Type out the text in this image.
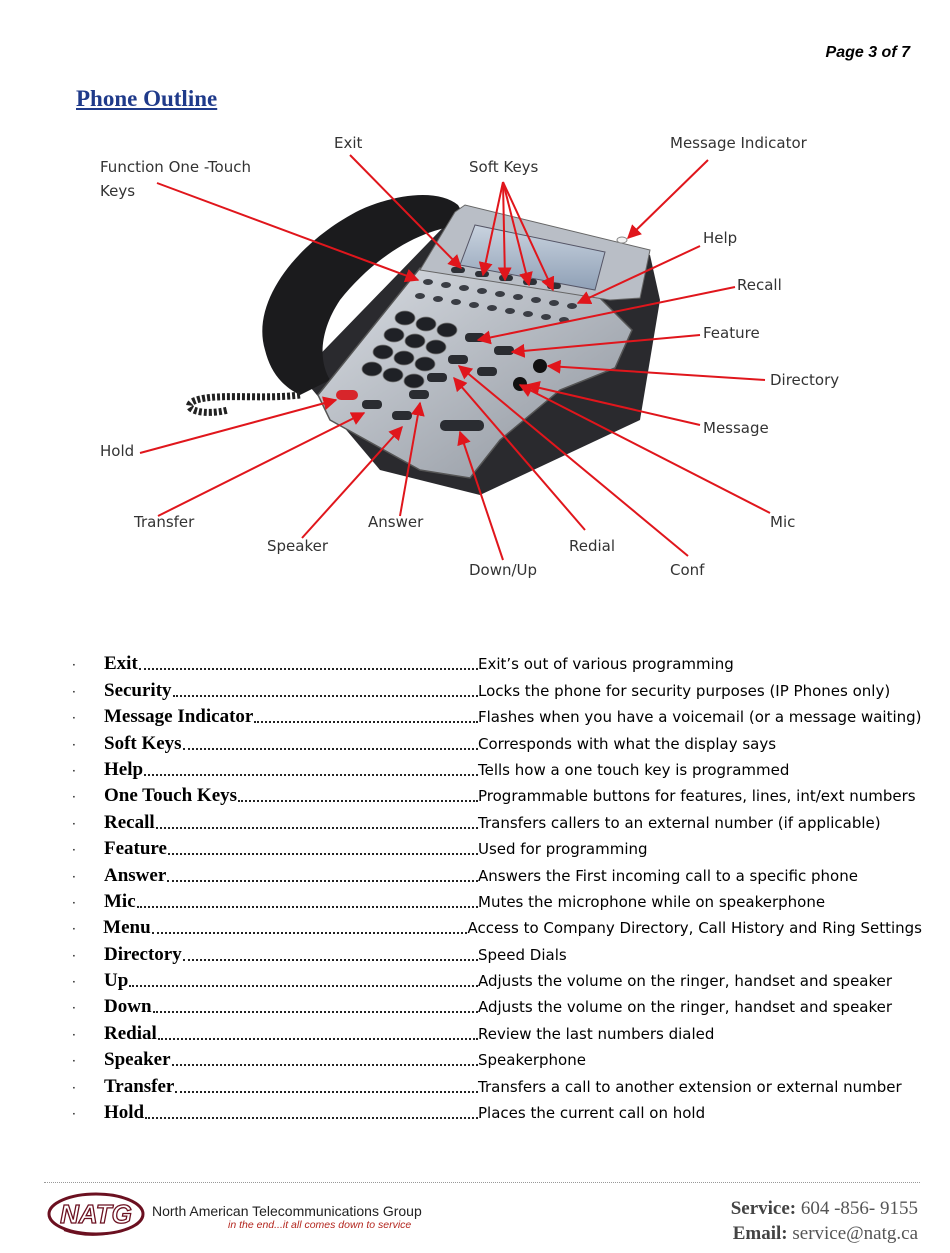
Page 3 of 7
Phone Outline
Exit
Function One -Touch
Keys
Soft Keys
Message Indicator
Help
Recall
Feature
Directory
Message
Hold
Transfer
Speaker
Answer
Down/Up
Redial
Conf
Mic
·	Exit	Exit’s out of various programming
·	Security	Locks the phone for security purposes (IP Phones only)
·	Message Indicator	Flashes when you have a voicemail (or a message waiting)
·	Soft Keys	Corresponds with what the display says
·	Help	Tells how a one touch key is programmed
·	One Touch Keys	Programmable buttons for features, lines, int/ext numbers
·	Recall	Transfers callers to an external number (if applicable)
·	Feature	Used for programming
·	Answer	Answers the First incoming call to a specific phone
·	Mic	Mutes the microphone while on speakerphone
·	Menu	Access to Company Directory, Call History and Ring Settings
·	Directory	Speed Dials
·	Up	Adjusts the volume on the ringer, handset and speaker
·	Down	Adjusts the volume on the ringer, handset and speaker
·	Redial	Review the last numbers dialed
·	Speaker	Speakerphone
·	Transfer	Transfers a call to another extension or external number
·	Hold	Places the current call on hold
NATG North American Telecommunications Group
in the end...it all comes down to service
Service: 604 -856- 9155
Email: service@natg.ca
